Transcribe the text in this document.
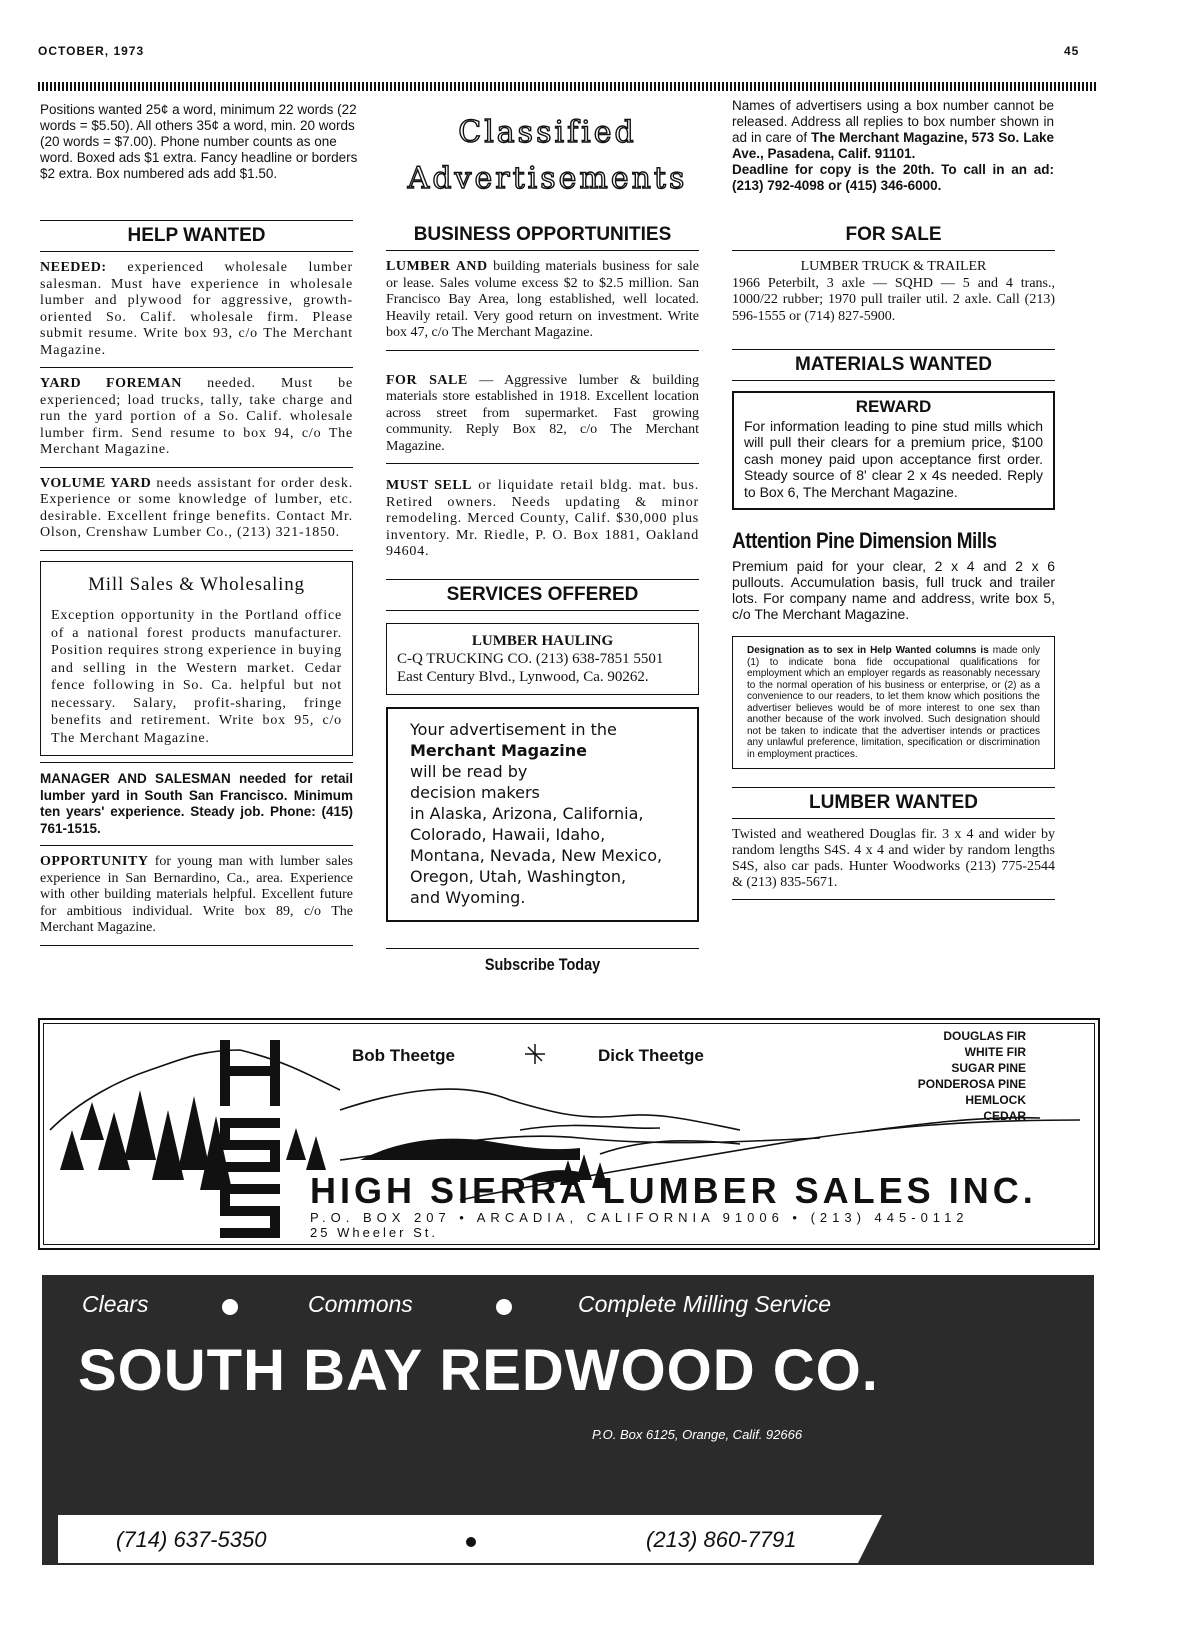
OCTOBER, 1973	45
Positions wanted 25¢ a word, minimum 22 words (22 words = $5.50). All others 35¢ a word, min. 20 words (20 words = $7.00). Phone number counts as one word. Boxed ads $1 extra. Fancy headline or borders $2 extra. Box numbered ads add $1.50.
Classified
Advertisements
Names of advertisers using a box number cannot be released. Address all replies to box number shown in ad in care of The Merchant Magazine, 573 So. Lake Ave., Pasadena, Calif. 91101.
Deadline for copy is the 20th. To call in an ad: (213) 792-4098 or (415) 346-6000.
HELP WANTED
NEEDED: experienced wholesale lumber salesman. Must have experience in wholesale lumber and plywood for aggressive, growth-oriented So. Calif. wholesale firm. Please submit resume. Write box 93, c/o The Merchant Magazine.
YARD FOREMAN needed. Must be experienced; load trucks, tally, take charge and run the yard portion of a So. Calif. wholesale lumber firm. Send resume to box 94, c/o The Merchant Magazine.
VOLUME YARD needs assistant for order desk. Experience or some knowledge of lumber, etc. desirable. Excellent fringe benefits. Contact Mr. Olson, Crenshaw Lumber Co., (213) 321-1850.
Mill Sales & Wholesaling
Exception opportunity in the Portland office of a national forest products manufacturer. Position requires strong experience in buying and selling in the Western market. Cedar fence following in So. Ca. helpful but not necessary. Salary, profit-sharing, fringe benefits and retirement. Write box 95, c/o The Merchant Magazine.
MANAGER AND SALESMAN needed for retail lumber yard in South San Francisco. Minimum ten years' experience. Steady job. Phone: (415) 761-1515.
OPPORTUNITY for young man with lumber sales experience in San Bernardino, Ca., area. Experience with other building materials helpful. Excellent future for ambitious individual. Write box 89, c/o The Merchant Magazine.
BUSINESS OPPORTUNITIES
LUMBER AND building materials business for sale or lease. Sales volume excess $2 to $2.5 million. San Francisco Bay Area, long established, well located. Heavily retail. Very good return on investment. Write box 47, c/o The Merchant Magazine.
FOR SALE — Aggressive lumber & building materials store established in 1918. Excellent location across street from supermarket. Fast growing community. Reply Box 82, c/o The Merchant Magazine.
MUST SELL or liquidate retail bldg. mat. bus. Retired owners. Needs updating & minor remodeling. Merced County, Calif. $30,000 plus inventory. Mr. Riedle, P. O. Box 1881, Oakland 94604.
SERVICES OFFERED
LUMBER HAULING
C-Q TRUCKING CO. (213) 638-7851 5501 East Century Blvd., Lynwood, Ca. 90262.
Your advertisement in the
Merchant Magazine
will be read by
decision makers
in Alaska, Arizona, California,
Colorado, Hawaii, Idaho,
Montana, Nevada, New Mexico,
Oregon, Utah, Washington,
and Wyoming.
Subscribe Today
FOR SALE
LUMBER TRUCK & TRAILER
1966 Peterbilt, 3 axle — SQHD — 5 and 4 trans., 1000/22 rubber; 1970 pull trailer util. 2 axle. Call (213) 596-1555 or (714) 827-5900.
MATERIALS WANTED
REWARD
For information leading to pine stud mills which will pull their clears for a premium price, $100 cash money paid upon acceptance first order. Steady source of 8' clear 2 x 4s needed. Reply to Box 6, The Merchant Magazine.
Attention Pine Dimension Mills
Premium paid for your clear, 2 x 4 and 2 x 6 pullouts. Accumulation basis, full truck and trailer lots. For company name and address, write box 5, c/o The Merchant Magazine.
Designation as to sex in Help Wanted columns is made only (1) to indicate bona fide occupational qualifications for employment which an employer regards as reasonably necessary to the normal operation of his business or enterprise, or (2) as a convenience to our readers, to let them know which positions the advertiser believes would be of more interest to one sex than another because of the work involved. Such designation should not be taken to indicate that the advertiser intends or practices any unlawful preference, limitation, specification or discrimination in employment practices.
LUMBER WANTED
Twisted and weathered Douglas fir. 3 x 4 and wider by random lengths S4S. 4 x 4 and wider by random lengths S4S, also car pads. Hunter Woodworks (213) 775-2544 & (213) 835-5671.
Bob Theetge	Dick Theetge
DOUGLAS FIR
WHITE FIR
SUGAR PINE
PONDEROSA PINE
HEMLOCK
CEDAR
HIGH SIERRA LUMBER SALES INC.
P.O. BOX 207 • ARCADIA, CALIFORNIA 91006 • (213) 445-0112
25 Wheeler St.
Clears	Commons	Complete Milling Service
SOUTH BAY REDWOOD CO.
P.O. Box 6125, Orange, Calif. 92666
(714) 637-5350	(213) 860-7791
